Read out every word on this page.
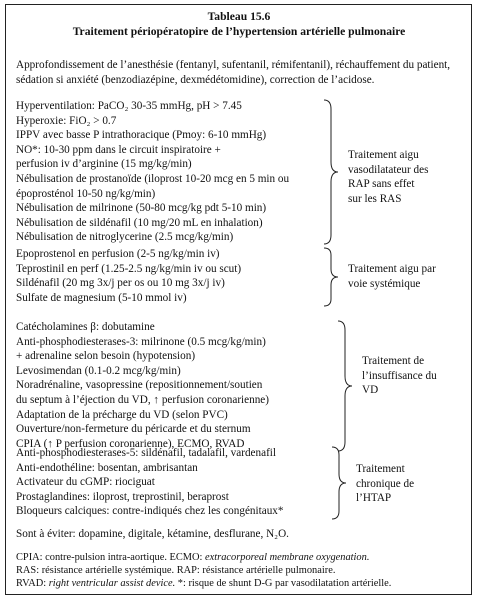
Tableau 15.6
Traitement périopératopire de l’hypertension artérielle pulmonaire
Approfondissement de l’anesthésie (fentanyl, sufentanil, rémifentanil), réchauffement du patient, sédation si anxiété (benzodiazépine, dexmédétomidine), correction de l’acidose.
Hyperventilation: PaCO₂ 30-35 mmHg, pH > 7.45
Hyperoxie: FiO₂ > 0.7
IPPV avec basse P intrathoracique (Pmoy: 6-10 mmHg)
NO*: 10-30 ppm dans le circuit inspiratoire +
perfusion iv d’arginine (15 mg/kg/min)
Nébulisation de prostanoïde (iloprost 10-20 mcg en 5 min ou
époprosténol 10-50 ng/kg/min)
Nébulisation de milrinone (50-80 mcg/kg pdt 5-10 min)
Nébulisation de sildénafil (10 mg/20 mL en inhalation)
Nébulisation de nitroglycerine (2.5 mcg/kg/min)
Traitement aigu
vasodilatateur des
RAP sans effet
sur les RAS
Epoprostenol en perfusion (2-5 ng/kg/min iv)
Teprostinil en perf (1.25-2.5 ng/kg/min iv ou scut)
Sildénafil (20 mg 3x/j per os ou 10 mg 3x/j iv)
Sulfate de magnesium (5-10 mmol iv)
Traitement aigu par
voie systémique
Catécholamines β: dobutamine
Anti-phosphodiesterases-3: milrinone (0.5 mcg/kg/min)
+ adrenaline selon besoin (hypotension)
Levosimendan (0.1-0.2 mcg/kg/min)
Noradrénaline, vasopressine (repositionnement/soutien
du septum à l’éjection du VD, ↑ perfusion coronarienne)
Adaptation de la précharge du VD (selon PVC)
Ouverture/non-fermeture du péricarde et du sternum
CPIA (↑ P perfusion coronarienne), ECMO, RVAD
Traitement de
l’insuffisance du
VD
Anti-phosphodiesterases-5: sildénafil, tadalafil, vardenafil
Anti-endothéline: bosentan, ambrisantan
Activateur du cGMP: riociguat
Prostaglandines: iloprost, treprostinil, beraprost
Bloqueurs calciques: contre-indiqués chez les congénitaux*
Traitement
chronique de
l’HTAP
Sont à éviter: dopamine, digitale, kétamine, desflurane, N₂O.
CPIA: contre-pulsion intra-aortique. ECMO: extracorporeal membrane oxygenation.
RAS: résistance artérielle systémique. RAP: résistance artérielle pulmonaire.
RVAD: right ventricular assist device. *: risque de shunt D-G par vasodilatation artérielle.
